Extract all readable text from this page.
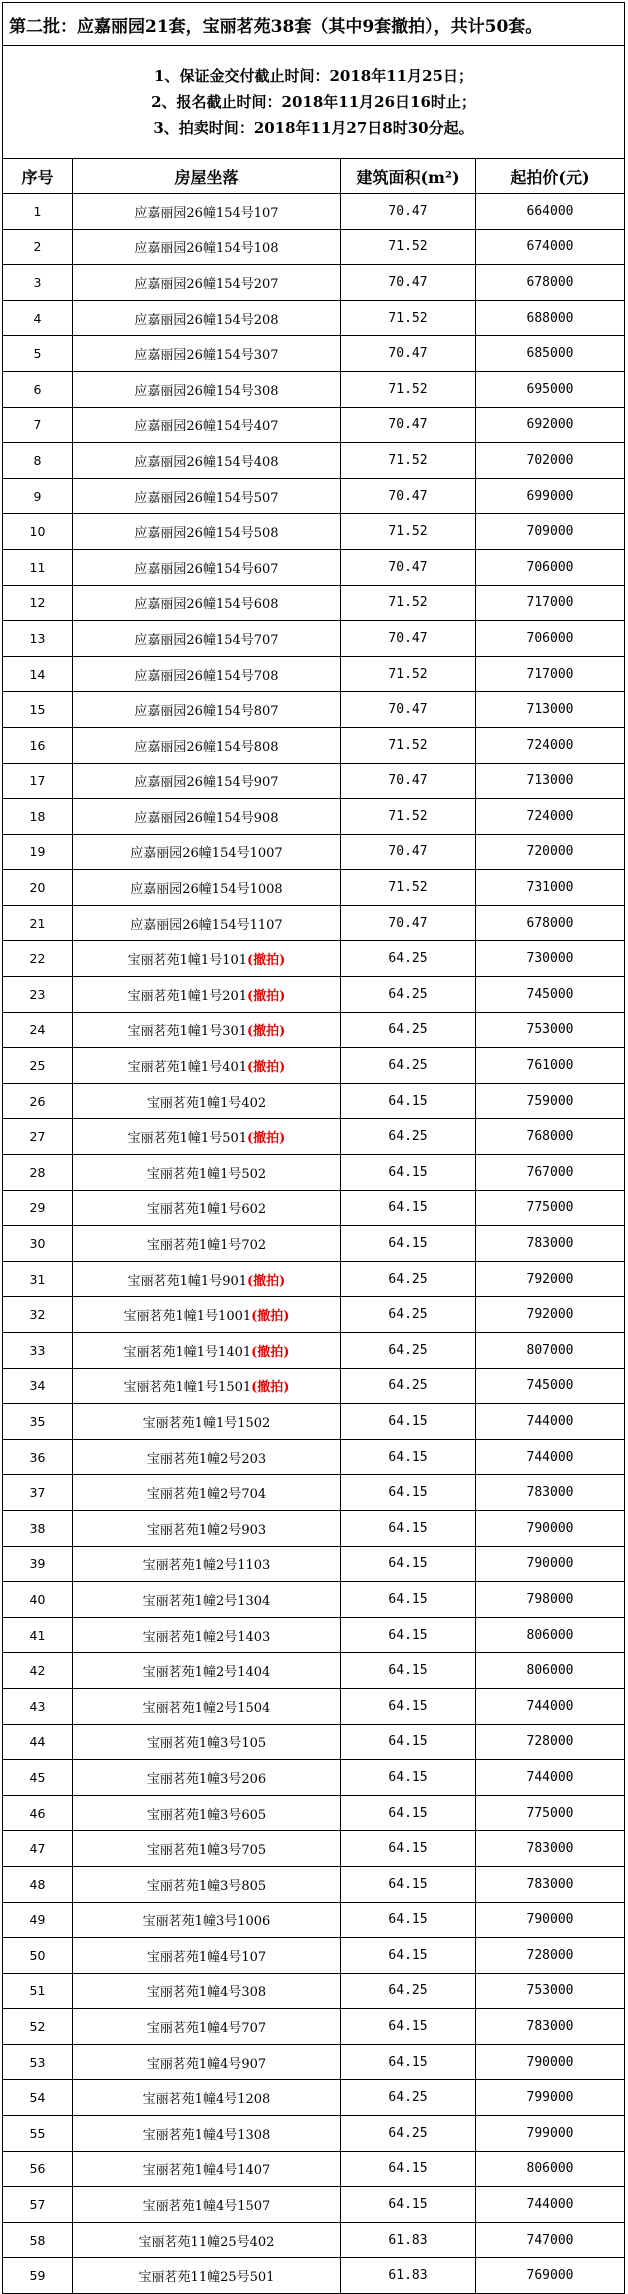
第二批：应嘉丽园21套，宝丽茗苑38套（其中9套撤拍），共计50套。			

1、保证金交付截止时间：2018年11月25日；
2、报名截止时间：2018年11月26日16时止；
3、拍卖时间：2018年11月27日8时30分起。			

序号	房屋坐落	建筑面积(m²)	起拍价(元)
1	应嘉丽园26幢154号107	70.47	664000
2	应嘉丽园26幢154号108	71.52	674000
3	应嘉丽园26幢154号207	70.47	678000
4	应嘉丽园26幢154号208	71.52	688000
5	应嘉丽园26幢154号307	70.47	685000
6	应嘉丽园26幢154号308	71.52	695000
7	应嘉丽园26幢154号407	70.47	692000
8	应嘉丽园26幢154号408	71.52	702000
9	应嘉丽园26幢154号507	70.47	699000
10	应嘉丽园26幢154号508	71.52	709000
11	应嘉丽园26幢154号607	70.47	706000
12	应嘉丽园26幢154号608	71.52	717000
13	应嘉丽园26幢154号707	70.47	706000
14	应嘉丽园26幢154号708	71.52	717000
15	应嘉丽园26幢154号807	70.47	713000
16	应嘉丽园26幢154号808	71.52	724000
17	应嘉丽园26幢154号907	70.47	713000
18	应嘉丽园26幢154号908	71.52	724000
19	应嘉丽园26幢154号1007	70.47	720000
20	应嘉丽园26幢154号1008	71.52	731000
21	应嘉丽园26幢154号1107	70.47	678000
22	宝丽茗苑1幢1号101(撤拍)	64.25	730000
23	宝丽茗苑1幢1号201(撤拍)	64.25	745000
24	宝丽茗苑1幢1号301(撤拍)	64.25	753000
25	宝丽茗苑1幢1号401(撤拍)	64.25	761000
26	宝丽茗苑1幢1号402	64.15	759000
27	宝丽茗苑1幢1号501(撤拍)	64.25	768000
28	宝丽茗苑1幢1号502	64.15	767000
29	宝丽茗苑1幢1号602	64.15	775000
30	宝丽茗苑1幢1号702	64.15	783000
31	宝丽茗苑1幢1号901(撤拍)	64.25	792000
32	宝丽茗苑1幢1号1001(撤拍)	64.25	792000
33	宝丽茗苑1幢1号1401(撤拍)	64.25	807000
34	宝丽茗苑1幢1号1501(撤拍)	64.25	745000
35	宝丽茗苑1幢1号1502	64.15	744000
36	宝丽茗苑1幢2号203	64.15	744000
37	宝丽茗苑1幢2号704	64.15	783000
38	宝丽茗苑1幢2号903	64.15	790000
39	宝丽茗苑1幢2号1103	64.15	790000
40	宝丽茗苑1幢2号1304	64.15	798000
41	宝丽茗苑1幢2号1403	64.15	806000
42	宝丽茗苑1幢2号1404	64.15	806000
43	宝丽茗苑1幢2号1504	64.15	744000
44	宝丽茗苑1幢3号105	64.15	728000
45	宝丽茗苑1幢3号206	64.15	744000
46	宝丽茗苑1幢3号605	64.15	775000
47	宝丽茗苑1幢3号705	64.15	783000
48	宝丽茗苑1幢3号805	64.15	783000
49	宝丽茗苑1幢3号1006	64.15	790000
50	宝丽茗苑1幢4号107	64.15	728000
51	宝丽茗苑1幢4号308	64.25	753000
52	宝丽茗苑1幢4号707	64.15	783000
53	宝丽茗苑1幢4号907	64.15	790000
54	宝丽茗苑1幢4号1208	64.25	799000
55	宝丽茗苑1幢4号1308	64.25	799000
56	宝丽茗苑1幢4号1407	64.15	806000
57	宝丽茗苑1幢4号1507	64.15	744000
58	宝丽茗苑11幢25号402	61.83	747000
59	宝丽茗苑11幢25号501	61.83	769000
